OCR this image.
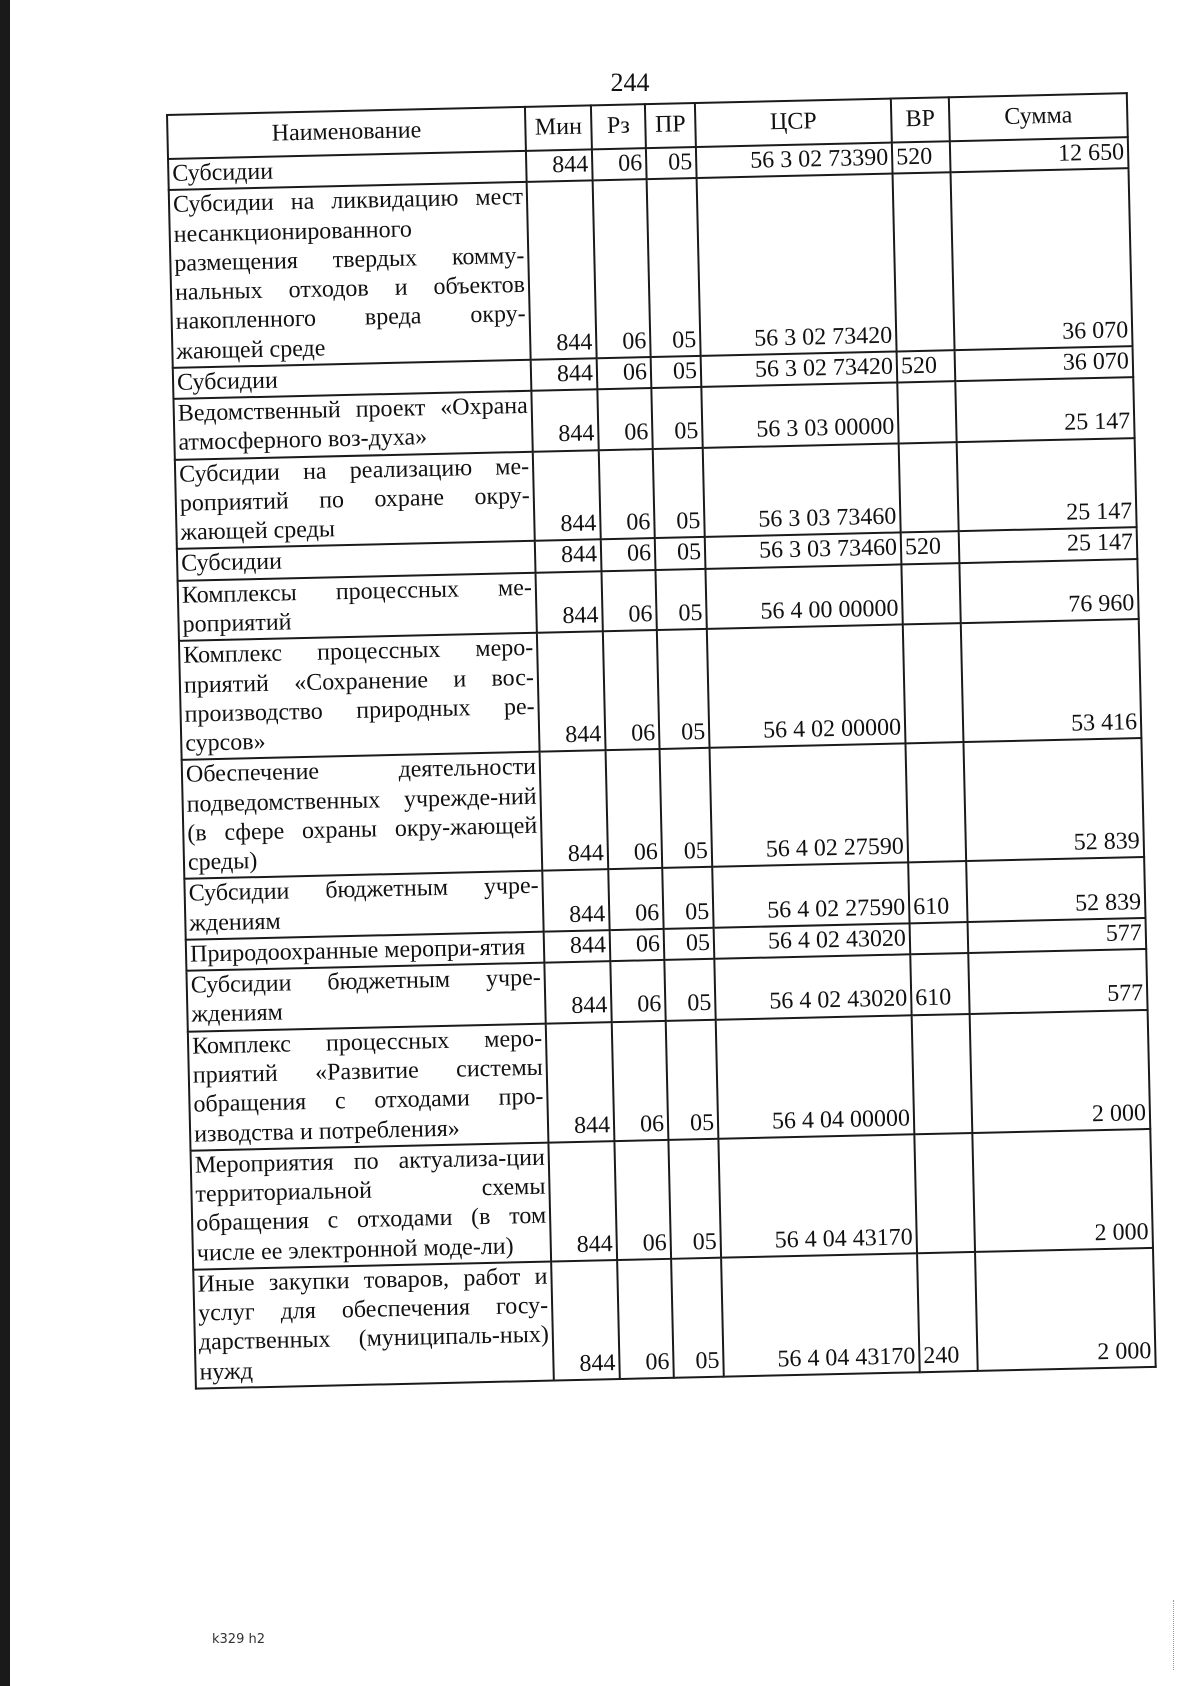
244
Наименование	Мин	Рз	ПР	ЦСР	ВР	Сумма
Субсидии	844	06	05	56 3 02 73390	520	12 650
Субсидии на ликвидацию мест несанкционированного размещения твердых комму-нальных отходов и объектов накопленного вреда окру-жающей среде	844	06	05	56 3 02 73420		36 070
Субсидии	844	06	05	56 3 02 73420	520	36 070
Ведомственный проект «Охрана атмосферного воз-духа»	844	06	05	56 3 03 00000		25 147
Субсидии на реализацию ме-роприятий по охране окру-жающей среды	844	06	05	56 3 03 73460		25 147
Субсидии	844	06	05	56 3 03 73460	520	25 147
Комплексы процессных ме-роприятий	844	06	05	56 4 00 00000		76 960
Комплекс процессных меро-приятий «Сохранение и вос-производство природных ре-сурсов»	844	06	05	56 4 02 00000		53 416
Обеспечение деятельности подведомственных учрежде-ний (в сфере охраны окру-жающей среды)	844	06	05	56 4 02 27590		52 839
Субсидии бюджетным учре-ждениям	844	06	05	56 4 02 27590	610	52 839
Природоохранные меропри-ятия	844	06	05	56 4 02 43020		577
Субсидии бюджетным учре-ждениям	844	06	05	56 4 02 43020	610	577
Комплекс процессных меро-приятий «Развитие системы обращения с отходами про-изводства и потребления»	844	06	05	56 4 04 00000		2 000
Мероприятия по актуализа-ции территориальной схемы обращения с отходами (в том числе ее электронной моде-ли)	844	06	05	56 4 04 43170		2 000
Иные закупки товаров, работ и услуг для обеспечения госу-дарственных (муниципаль-ных) нужд	844	06	05	56 4 04 43170	240	2 000
k329 h2
